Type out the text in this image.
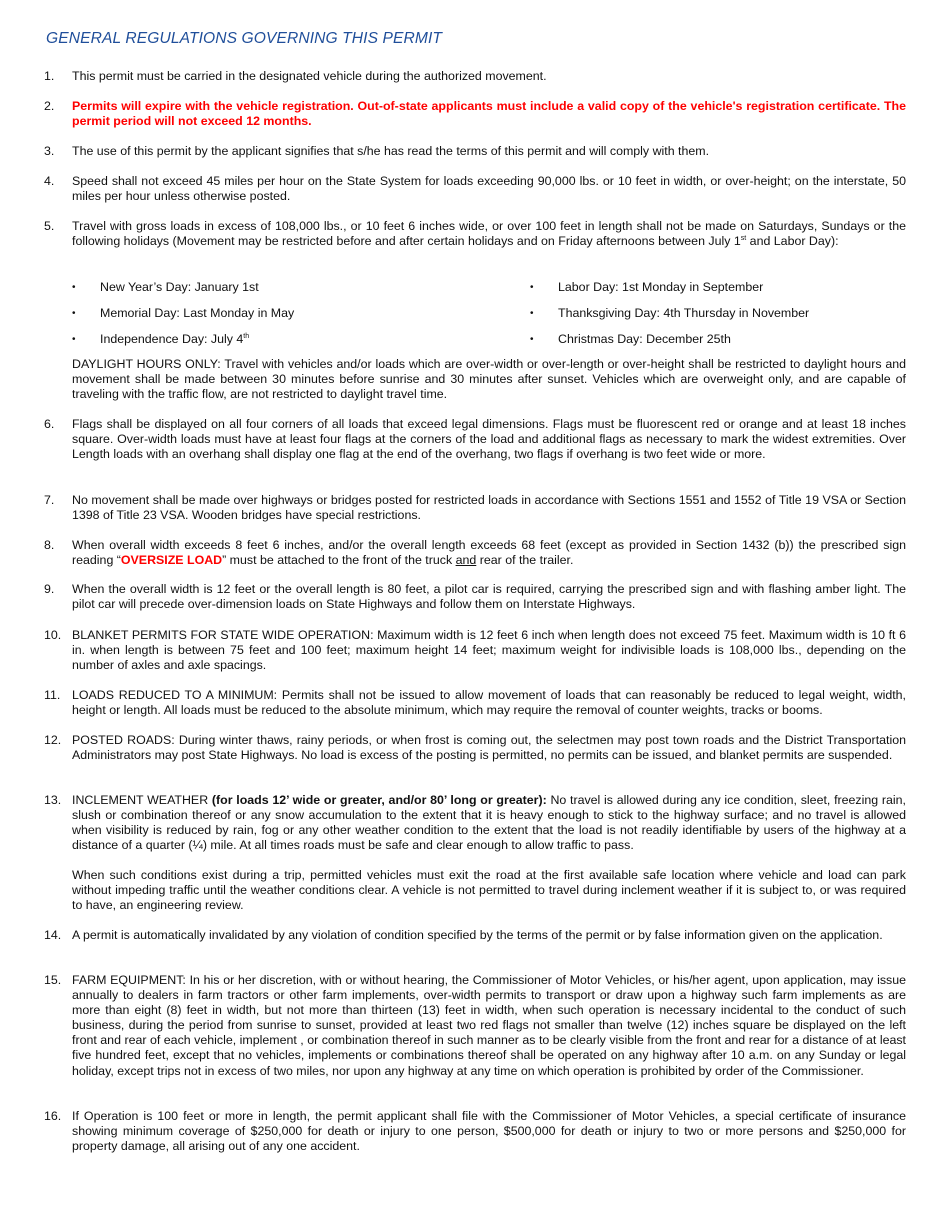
GENERAL REGULATIONS GOVERNING THIS PERMIT
1.	This permit must be carried in the designated vehicle during the authorized movement.
2.	Permits will expire with the vehicle registration. Out-of-state applicants must include a valid copy of the vehicle's registration certificate. The permit period will not exceed 12 months.
3.	The use of this permit by the applicant signifies that s/he has read the terms of this permit and will comply with them.
4.	Speed shall not exceed 45 miles per hour on the State System for loads exceeding 90,000 lbs. or 10 feet in width, or over-height; on the interstate, 50 miles per hour unless otherwise posted.
5.	Travel with gross loads in excess of 108,000 lbs., or 10 feet 6 inches wide, or over 100 feet in length shall not be made on Saturdays, Sundays or the following holidays (Movement may be restricted before and after certain holidays and on Friday afternoons between July 1st and Labor Day):
• New Year’s Day: January 1st	• Labor Day: 1st Monday in September
• Memorial Day: Last Monday in May	• Thanksgiving Day: 4th Thursday in November
• Independence Day: July 4th	• Christmas Day: December 25th
DAYLIGHT HOURS ONLY: Travel with vehicles and/or loads which are over-width or over-length or over-height shall be restricted to daylight hours and movement shall be made between 30 minutes before sunrise and 30 minutes after sunset. Vehicles which are overweight only, and are capable of traveling with the traffic flow, are not restricted to daylight travel time.
6.	Flags shall be displayed on all four corners of all loads that exceed legal dimensions. Flags must be fluorescent red or orange and at least 18 inches square. Over-width loads must have at least four flags at the corners of the load and additional flags as necessary to mark the widest extremities. Over Length loads with an overhang shall display one flag at the end of the overhang, two flags if overhang is two feet wide or more.
7.	No movement shall be made over highways or bridges posted for restricted loads in accordance with Sections 1551 and 1552 of Title 19 VSA or Section 1398 of Title 23 VSA. Wooden bridges have special restrictions.
8.	When overall width exceeds 8 feet 6 inches, and/or the overall length exceeds 68 feet (except as provided in Section 1432 (b)) the prescribed sign reading “OVERSIZE LOAD” must be attached to the front of the truck and rear of the trailer.
9.	When the overall width is 12 feet or the overall length is 80 feet, a pilot car is required, carrying the prescribed sign and with flashing amber light. The pilot car will precede over-dimension loads on State Highways and follow them on Interstate Highways.
10. BLANKET PERMITS FOR STATE WIDE OPERATION: Maximum width is 12 feet 6 inch when length does not exceed 75 feet. Maximum width is 10 ft 6 in. when length is between 75 feet and 100 feet; maximum height 14 feet; maximum weight for indivisible loads is 108,000 lbs., depending on the number of axles and axle spacings.
11. LOADS REDUCED TO A MINIMUM: Permits shall not be issued to allow movement of loads that can reasonably be reduced to legal weight, width, height or length. All loads must be reduced to the absolute minimum, which may require the removal of counter weights, tracks or booms.
12. POSTED ROADS: During winter thaws, rainy periods, or when frost is coming out, the selectmen may post town roads and the District Transportation Administrators may post State Highways. No load is excess of the posting is permitted, no permits can be issued, and blanket permits are suspended.
13. INCLEMENT WEATHER (for loads 12’ wide or greater, and/or 80’ long or greater): No travel is allowed during any ice condition, sleet, freezing rain, slush or combination thereof or any snow accumulation to the extent that it is heavy enough to stick to the highway surface; and no travel is allowed when visibility is reduced by rain, fog or any other weather condition to the extent that the load is not readily identifiable by users of the highway at a distance of a quarter (¼) mile. At all times roads must be safe and clear enough to allow traffic to pass.
When such conditions exist during a trip, permitted vehicles must exit the road at the first available safe location where vehicle and load can park without impeding traffic until the weather conditions clear. A vehicle is not permitted to travel during inclement weather if it is subject to, or was required to have, an engineering review.
14. A permit is automatically invalidated by any violation of condition specified by the terms of the permit or by false information given on the application.
15. FARM EQUIPMENT: In his or her discretion, with or without hearing, the Commissioner of Motor Vehicles, or his/her agent, upon application, may issue annually to dealers in farm tractors or other farm implements, over-width permits to transport or draw upon a highway such farm implements as are more than eight (8) feet in width, but not more than thirteen (13) feet in width, when such operation is necessary incidental to the conduct of such business, during the period from sunrise to sunset, provided at least two red flags not smaller than twelve (12) inches square be displayed on the left front and rear of each vehicle, implement , or combination thereof in such manner as to be clearly visible from the front and rear for a distance of at least five hundred feet, except that no vehicles, implements or combinations thereof shall be operated on any highway after 10 a.m. on any Sunday or legal holiday, except trips not in excess of two miles, nor upon any highway at any time on which operation is prohibited by order of the Commissioner.
16. If Operation is 100 feet or more in length, the permit applicant shall file with the Commissioner of Motor Vehicles, a special certificate of insurance showing minimum coverage of $250,000 for death or injury to one person, $500,000 for death or injury to two or more persons and $250,000 for property damage, all arising out of any one accident.
